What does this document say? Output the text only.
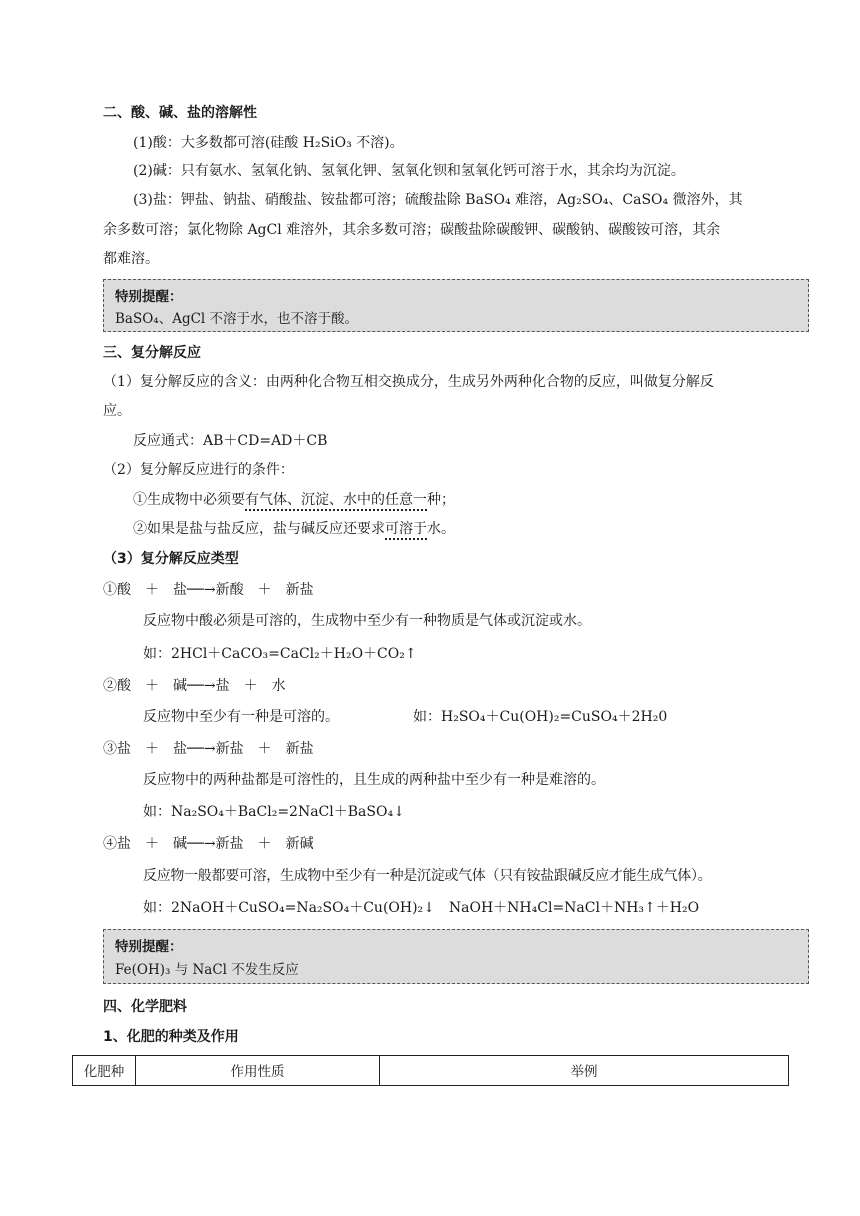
二、酸、碱、盐的溶解性
(1)酸：大多数都可溶(硅酸 H₂SiO₃ 不溶)。
(2)碱：只有氨水、氢氧化钠、氢氧化钾、氢氧化钡和氢氧化钙可溶于水，其余均为沉淀。
(3)盐：钾盐、钠盐、硝酸盐、铵盐都可溶；硫酸盐除 BaSO₄ 难溶，Ag₂SO₄、CaSO₄ 微溶外，其
余多数可溶；氯化物除 AgCl 难溶外，其余多数可溶；碳酸盐除碳酸钾、碳酸钠、碳酸铵可溶，其余
都难溶。
特别提醒：
BaSO₄、AgCl 不溶于水，也不溶于酸。
三、复分解反应
（1）复分解反应的含义：由两种化合物互相交换成分，生成另外两种化合物的反应，叫做复分解反
应。
反应通式：AB＋CD=AD＋CB
（2）复分解反应进行的条件：
①生成物中必须要有气体、沉淀、水中的任意一种；
②如果是盐与盐反应，盐与碱反应还要求可溶于水。
（3）复分解反应类型
①酸　＋　盐──→新酸　＋　新盐
反应物中酸必须是可溶的，生成物中至少有一种物质是气体或沉淀或水。
如：2HCl＋CaCO₃=CaCl₂＋H₂O＋CO₂↑
②酸　＋　碱──→盐　＋　水
反应物中至少有一种是可溶的。	如：H₂SO₄＋Cu(OH)₂=CuSO₄＋2H₂0
③盐　＋　盐──→新盐　＋　新盐
反应物中的两种盐都是可溶性的，且生成的两种盐中至少有一种是难溶的。
如：Na₂SO₄＋BaCl₂=2NaCl＋BaSO₄↓
④盐　＋　碱──→新盐　＋　新碱
反应物一般都要可溶，生成物中至少有一种是沉淀或气体（只有铵盐跟碱反应才能生成气体）。
如：2NaOH＋CuSO₄=Na₂SO₄＋Cu(OH)₂↓　NaOH＋NH₄Cl=NaCl＋NH₃↑＋H₂O
特别提醒：
Fe(OH)₃ 与 NaCl 不发生反应
四、化学肥料
1、化肥的种类及作用
化肥种	作用性质	举例
